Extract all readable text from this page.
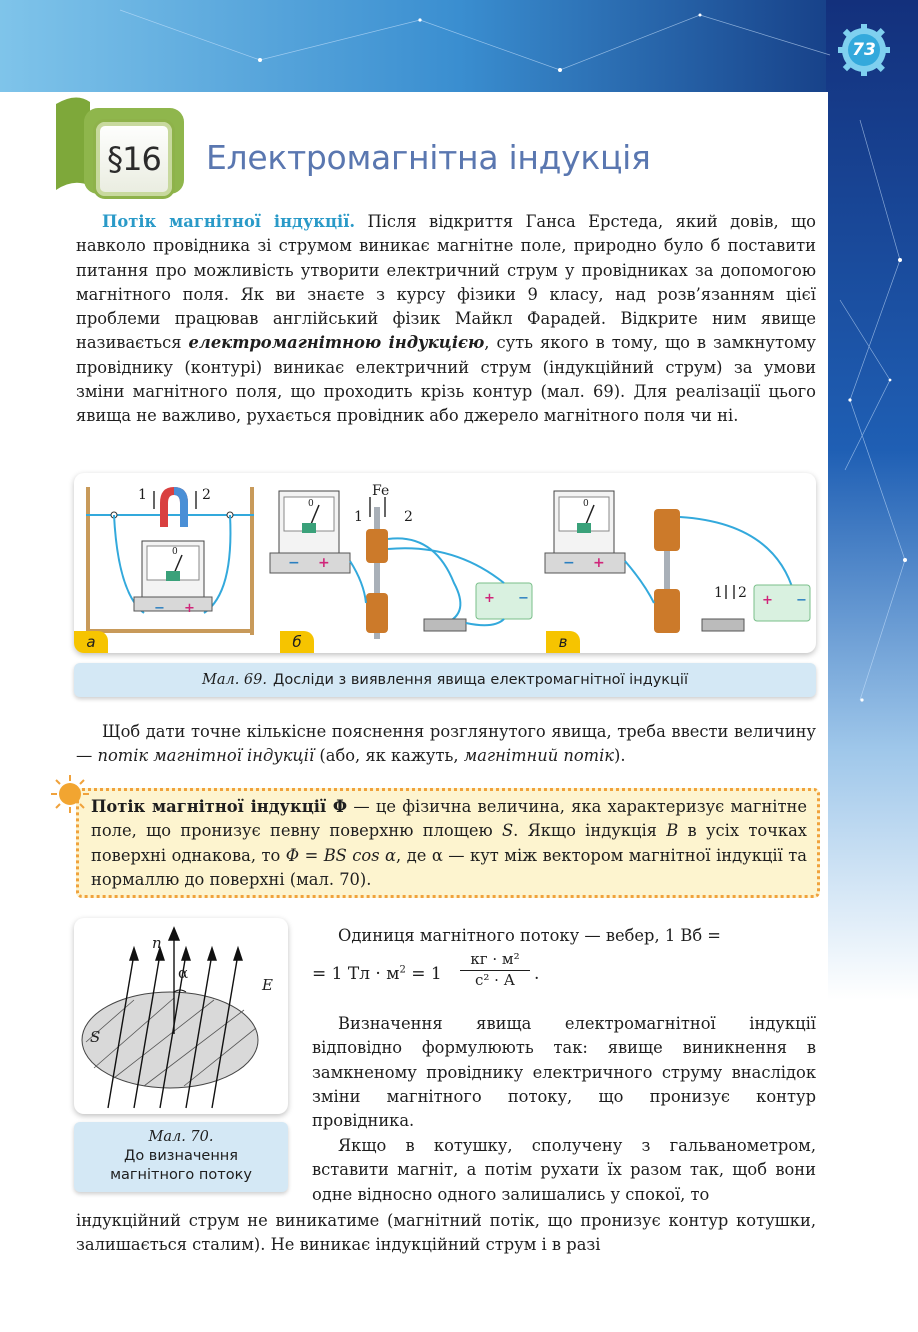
73
§16 Електромагнітна індукція
Потік магнітної індукції. Після відкриття Ганса Ерстеда, який довів, що навколо провідника зі струмом виникає магнітне поле, природно було б поставити питання про можливість утворити електричний струм у провідниках за допомогою магнітного поля. Як ви знаєте з курсу фізики 9 класу, над розв’язанням цієї проблеми працював англійський фізик Майкл Фарадей. Відкрите ним явище називається електромагнітною індукцією, суть якого в тому, що в замкнутому провіднику (контурі) виникає електричний струм (індукційний струм) за умови зміни магнітного поля, що проходить крізь контур (мал. 69). Для реалізації цього явища не важливо, рухається провідник або джерело магнітного поля чи ні.
1	2
0
Fe
1	2
0	0
1 2
− +	− +
+
−
+ −	+ −
а	б	в
Мал. 69. Досліди з виявлення явища електромагнітної індукції
Щоб дати точне кількісне пояснення розглянутого явища, треба ввести величину — потік магнітної індукції (або, як кажуть, магнітний потік).
Потік магнітної індукції Φ — це фізична величина, яка характеризує магнітне поле, що пронизує певну поверхню площею S. Якщо індукція B в усіх точках поверхні однакова, то Φ = BS cos α, де α — кут між вектором магнітної індукції та нормаллю до поверхні (мал. 70).
n
α
E
S
Мал. 70.
До визначення
магнітного потоку
Одиниця магнітного потоку — вебер, 1 Вб =
= 1 Тл · $м^2 = 1$
кг · м²
с² · А	.
Визначення явища електромагнітної індукції відповідно формулюють так: явище виникнення в замкненому провіднику електричного струму внаслідок зміни магнітного потоку, що пронизує контур провідника.
Якщо в котушку, сполучену з гальванометром, вставити магніт, а потім рухати їх разом так, щоб вони одне відносно одного залишались у спокої, то
індукційний струм не виникатиме (магнітний потік, що пронизує контур котушки, залишається сталим). Не виникає індукційний струм і в разі
